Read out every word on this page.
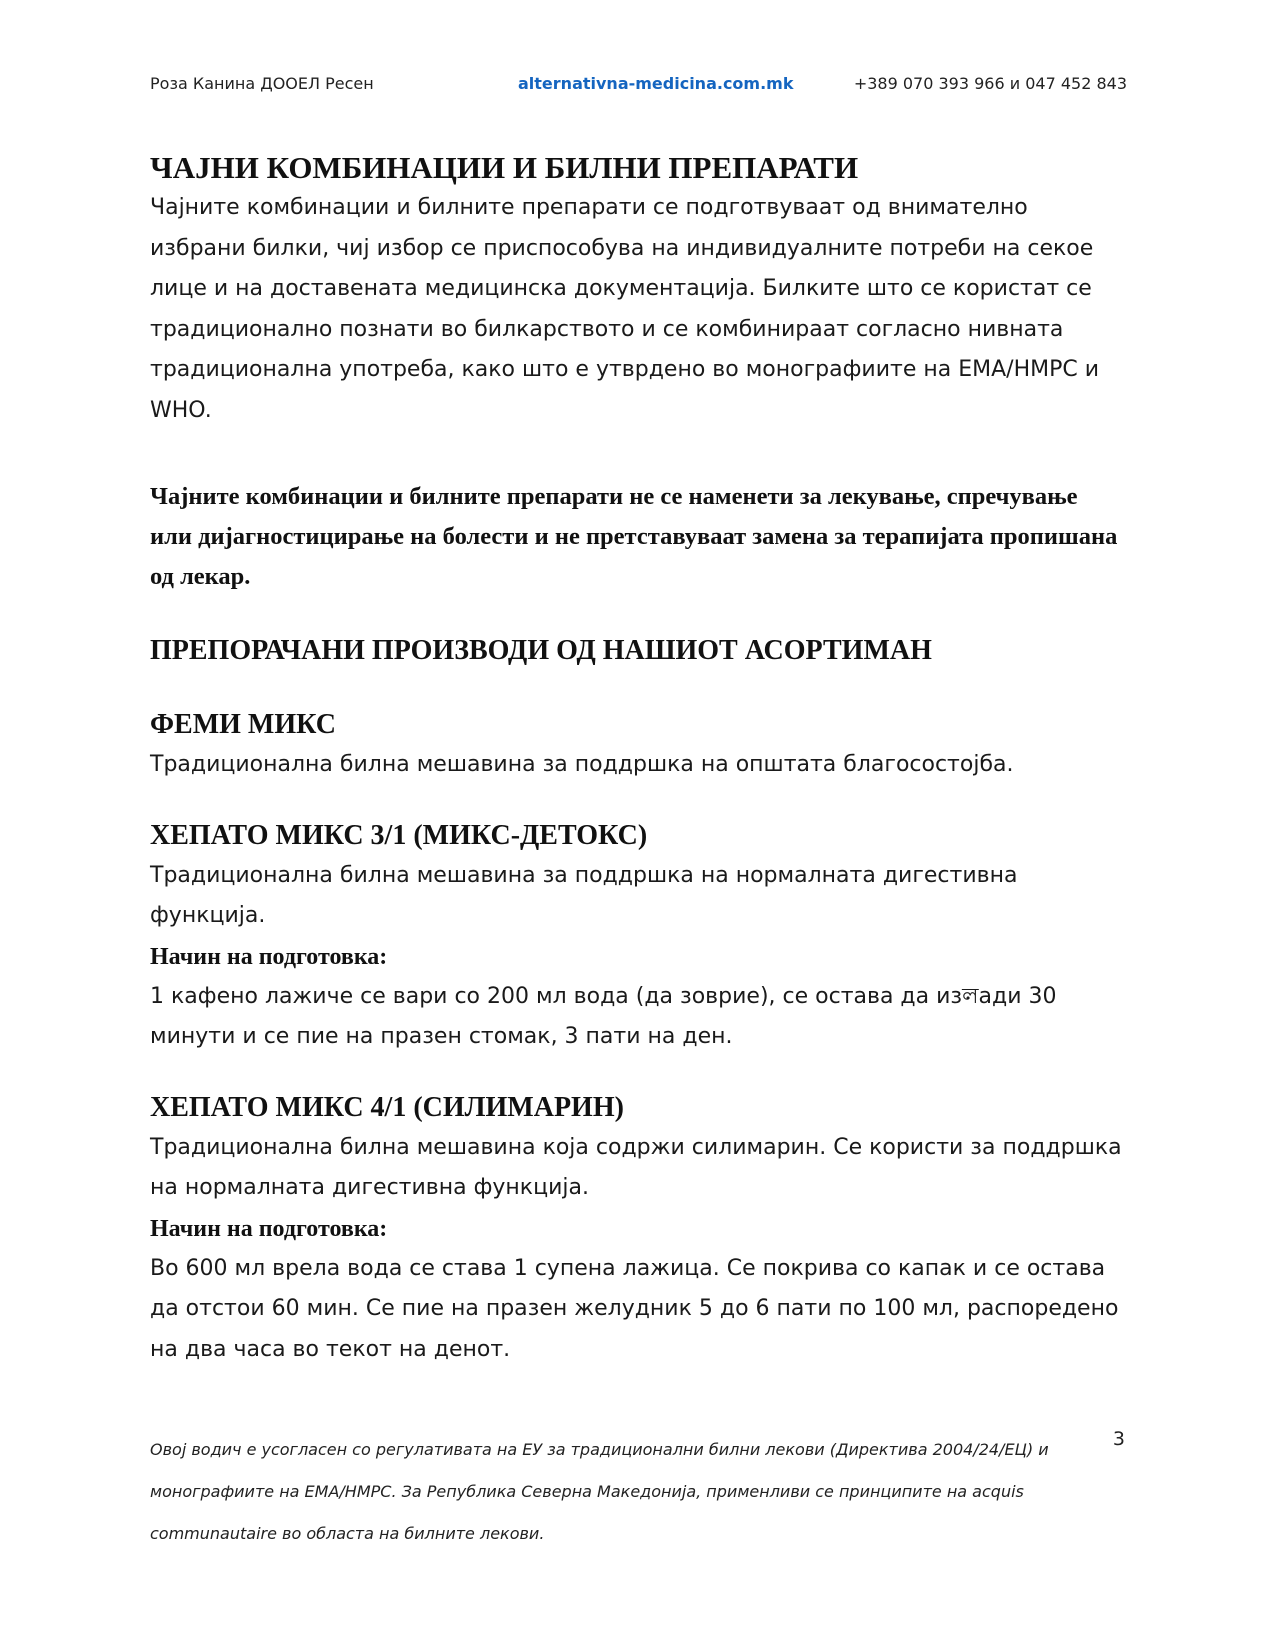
Роза Канина ДООЕЛ Ресен	alternativna-medicina.com.mk	+389 070 393 966 и 047 452 843
ЧАЈНИ КОМБИНАЦИИ И БИЛНИ ПРЕПАРАТИ

Чајните комбинации и билните препарати се подготвуваат од внимателно избрани билки, чиј избор се приспособува на индивидуалните потреби на секое лице и на доставената медицинска документација. Билките што се користат се традиционално познати во билкарството и се комбинираат согласно нивната традиционална употреба, како што е утврдено во монографиите на ЕМА/HMPC и WHO.

Чајните комбинации и билните препарати не се наменети за лекување, спречување или дијагностицирање на болести и не претставуваат замена за терапијата пропишана од лекар.

ПРЕПОРАЧАНИ ПРОИЗВОДИ ОД НАШИОТ АСОРТИМАН
ФЕМИ МИКС

Традиционална билна мешавина за поддршка на општата благосостојба.

ХЕПАТО МИКС 3/1 (МИКС-ДЕТОКС)

Традиционална билна мешавина за поддршка на нормалната дигестивна функција.

Начин на подготовка:

1 кафено лажиче се вари со 200 мл вода (да зоврие), се остава да изলади 30 минути и се пие на празен стомак, 3 пати на ден.

ХЕПАТО МИКС 4/1 (СИЛИМАРИН)

Традиционална билна мешавина која содржи силимарин. Се користи за поддршка на нормалната дигестивна функција.

Начин на подготовка:

Во 600 мл врела вода се става 1 супена лажица. Се покрива со капак и се остава да отстои 60 мин. Се пие на празен желудник 5 до 6 пати по 100 мл, распоредено на два часа во текот на денот.

3
Овој водич е усогласен со регулативата на ЕУ за традиционални билни лекови (Директива 2004/24/ЕЦ) и
монографиите на ЕМА/HMPC. За Република Северна Македонија, применливи се принципите на acquis
communautaire во областа на билните лекови.
